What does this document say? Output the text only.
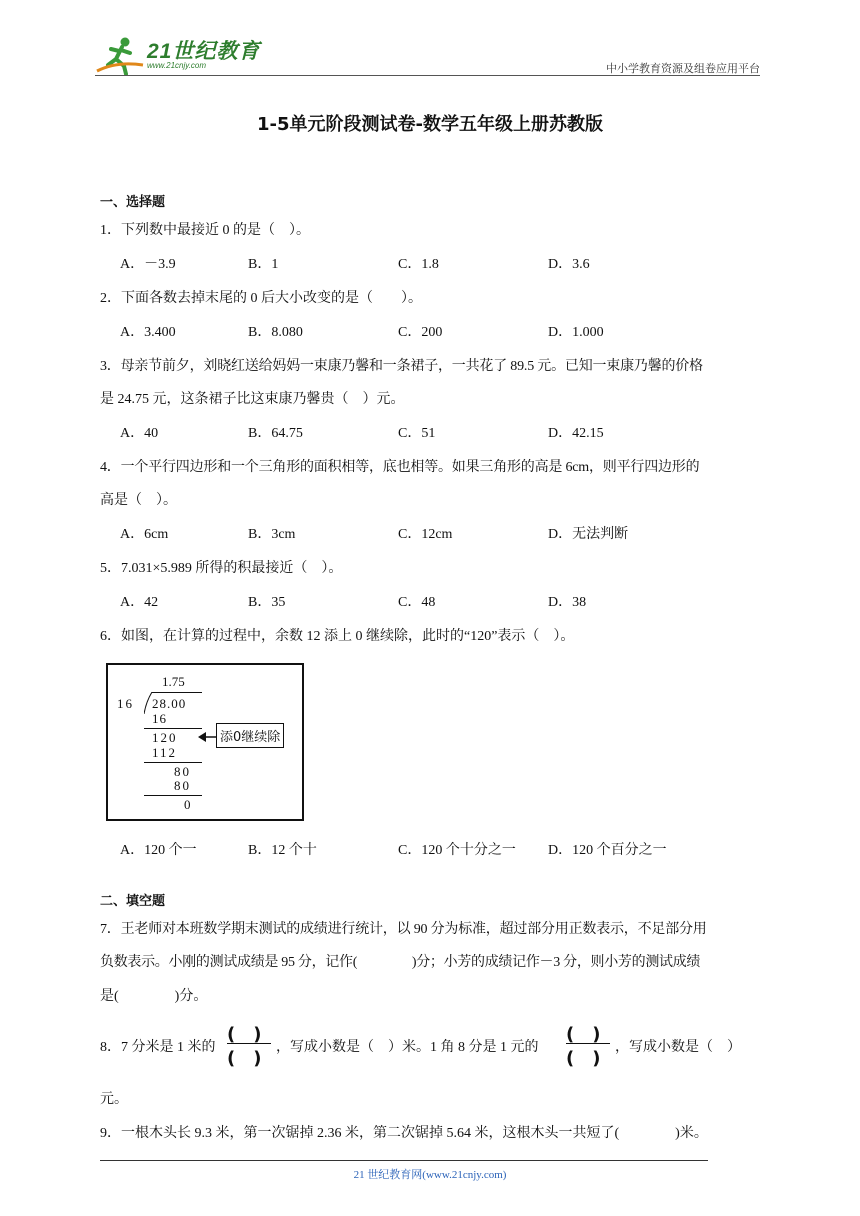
21世纪教育
www.21cnjy.com	中小学教育资源及组卷应用平台
1-5单元阶段测试卷-数学五年级上册苏教版
一、选择题
1．下列数中最接近 0 的是（　）。
A．－3.9	B．1	C．1.8	D．3.6
2．下面各数去掉末尾的 0 后大小改变的是（　　）。
A．3.400	B．8.080	C．200	D．1.000
3．母亲节前夕，刘晓红送给妈妈一束康乃馨和一条裙子，一共花了 89.5 元。已知一束康乃馨的价格
是 24.75 元，这条裙子比这束康乃馨贵（　）元。
A．40	B．64.75	C．51	D．42.15
4．一个平行四边形和一个三角形的面积相等，底也相等。如果三角形的高是 6cm，则平行四边形的
高是（　）。
A．6cm	B．3cm	C．12cm	D．无法判断
5．7.031×5.989 所得的积最接近（　）。
A．42	B．35	C．48	D．38
6．如图，在计算的过程中，余数 12 添上 0 继续除，此时的“120”表示（　）。
1.75
16 28.00
16
120
112
80
80
0
添0继续除
A．120 个一	B．12 个十	C．120 个十分之一 D．120 个百分之一
二、填空题
7．王老师对本班数学期末测试的成绩进行统计，以 90 分为标准，超过部分用正数表示，不足部分用
负数表示。小刚的测试成绩是 95 分，记作(　　　　)分；小芳的成绩记作－3 分，则小芳的测试成绩
是(　　　　)分。
8．7 分米是 1 米的
(　)
(　)
，写成小数是（　）米。1 角 8 分是 1 元的
(　)
(　)
，写成小数是（　）
元。
9．一根木头长 9.3 米，第一次锯掉 2.36 米，第二次锯掉 5.64 米，这根木头一共短了(　　　　)米。
21 世纪教育网(www.21cnjy.com)
